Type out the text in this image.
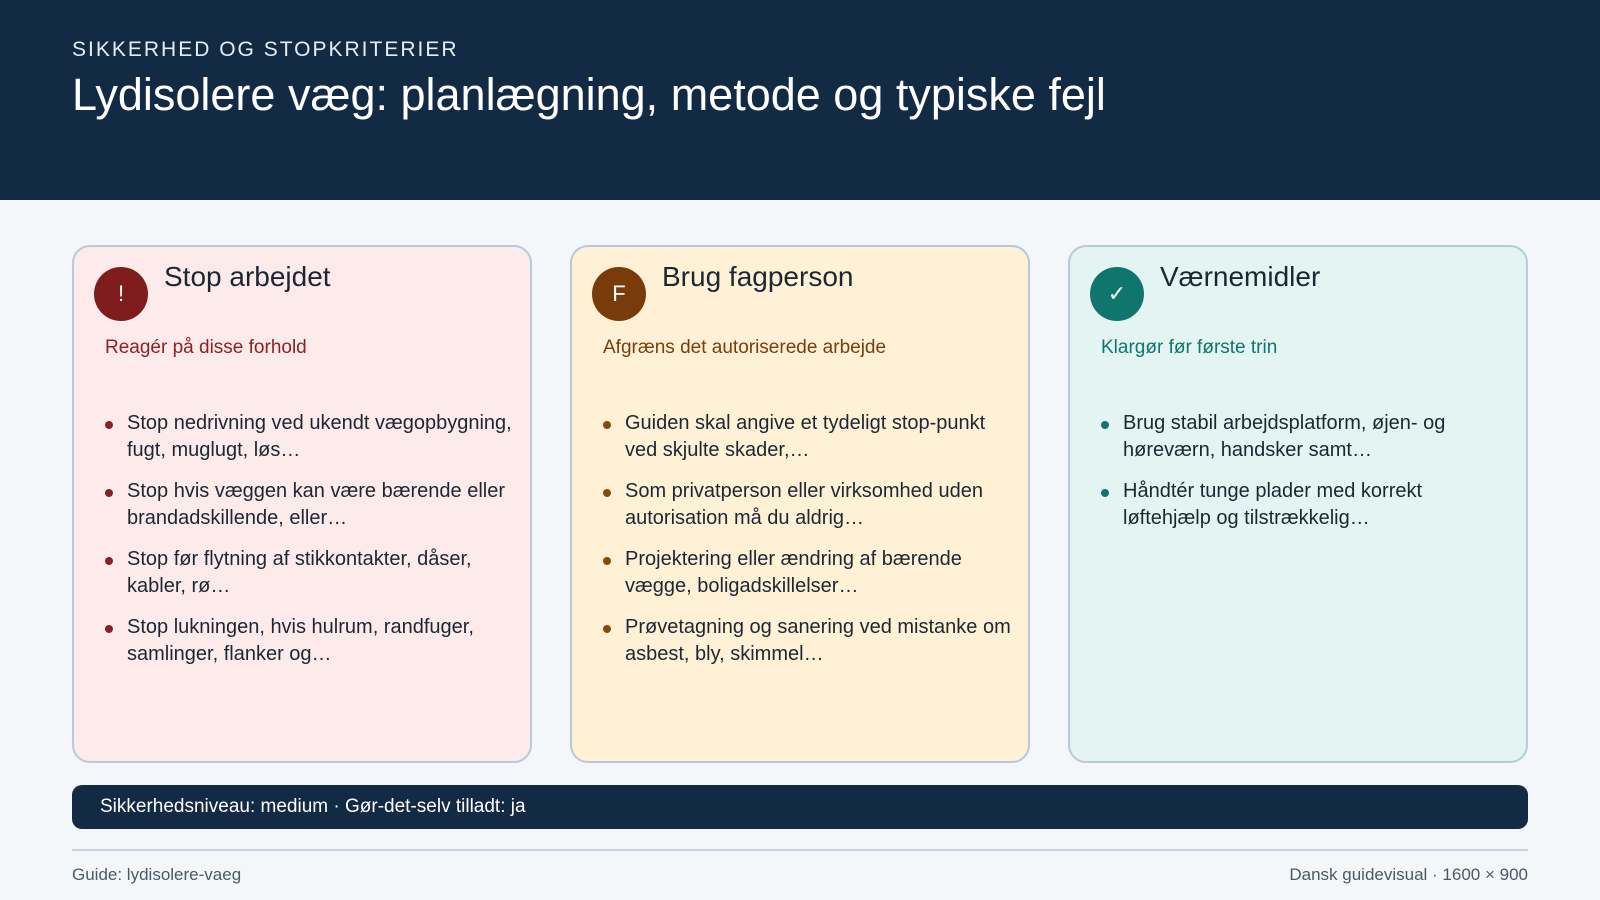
SIKKERHED OG STOPKRITERIER
Lydisolere væg: planlægning, metode og typiske fejl
!
Stop arbejdet
Reagér på disse forhold
Stop nedrivning ved ukendt vægopbygning, fugt, muglugt, løs…
Stop hvis væggen kan være bærende eller brandadskillende, eller…
Stop før flytning af stikkontakter, dåser, kabler, rø…
Stop lukningen, hvis hulrum, randfuger, samlinger, flanker og…
F
Brug fagperson
Afgræns det autoriserede arbejde
Guiden skal angive et tydeligt stop-punkt ved skjulte skader,…
Som privatperson eller virksomhed uden autorisation må du aldrig…
Projektering eller ændring af bærende vægge, boligadskillelser…
Prøvetagning og sanering ved mistanke om asbest, bly, skimmel…
✓
Værnemidler
Klargør før første trin
Brug stabil arbejdsplatform, øjen- og høreværn, handsker samt…
Håndtér tunge plader med korrekt løftehjælp og tilstrækkelig…
Sikkerhedsniveau: medium · Gør-det-selv tilladt: ja
Guide: lydisolere-vaeg	Dansk guidevisual · 1600 × 900
